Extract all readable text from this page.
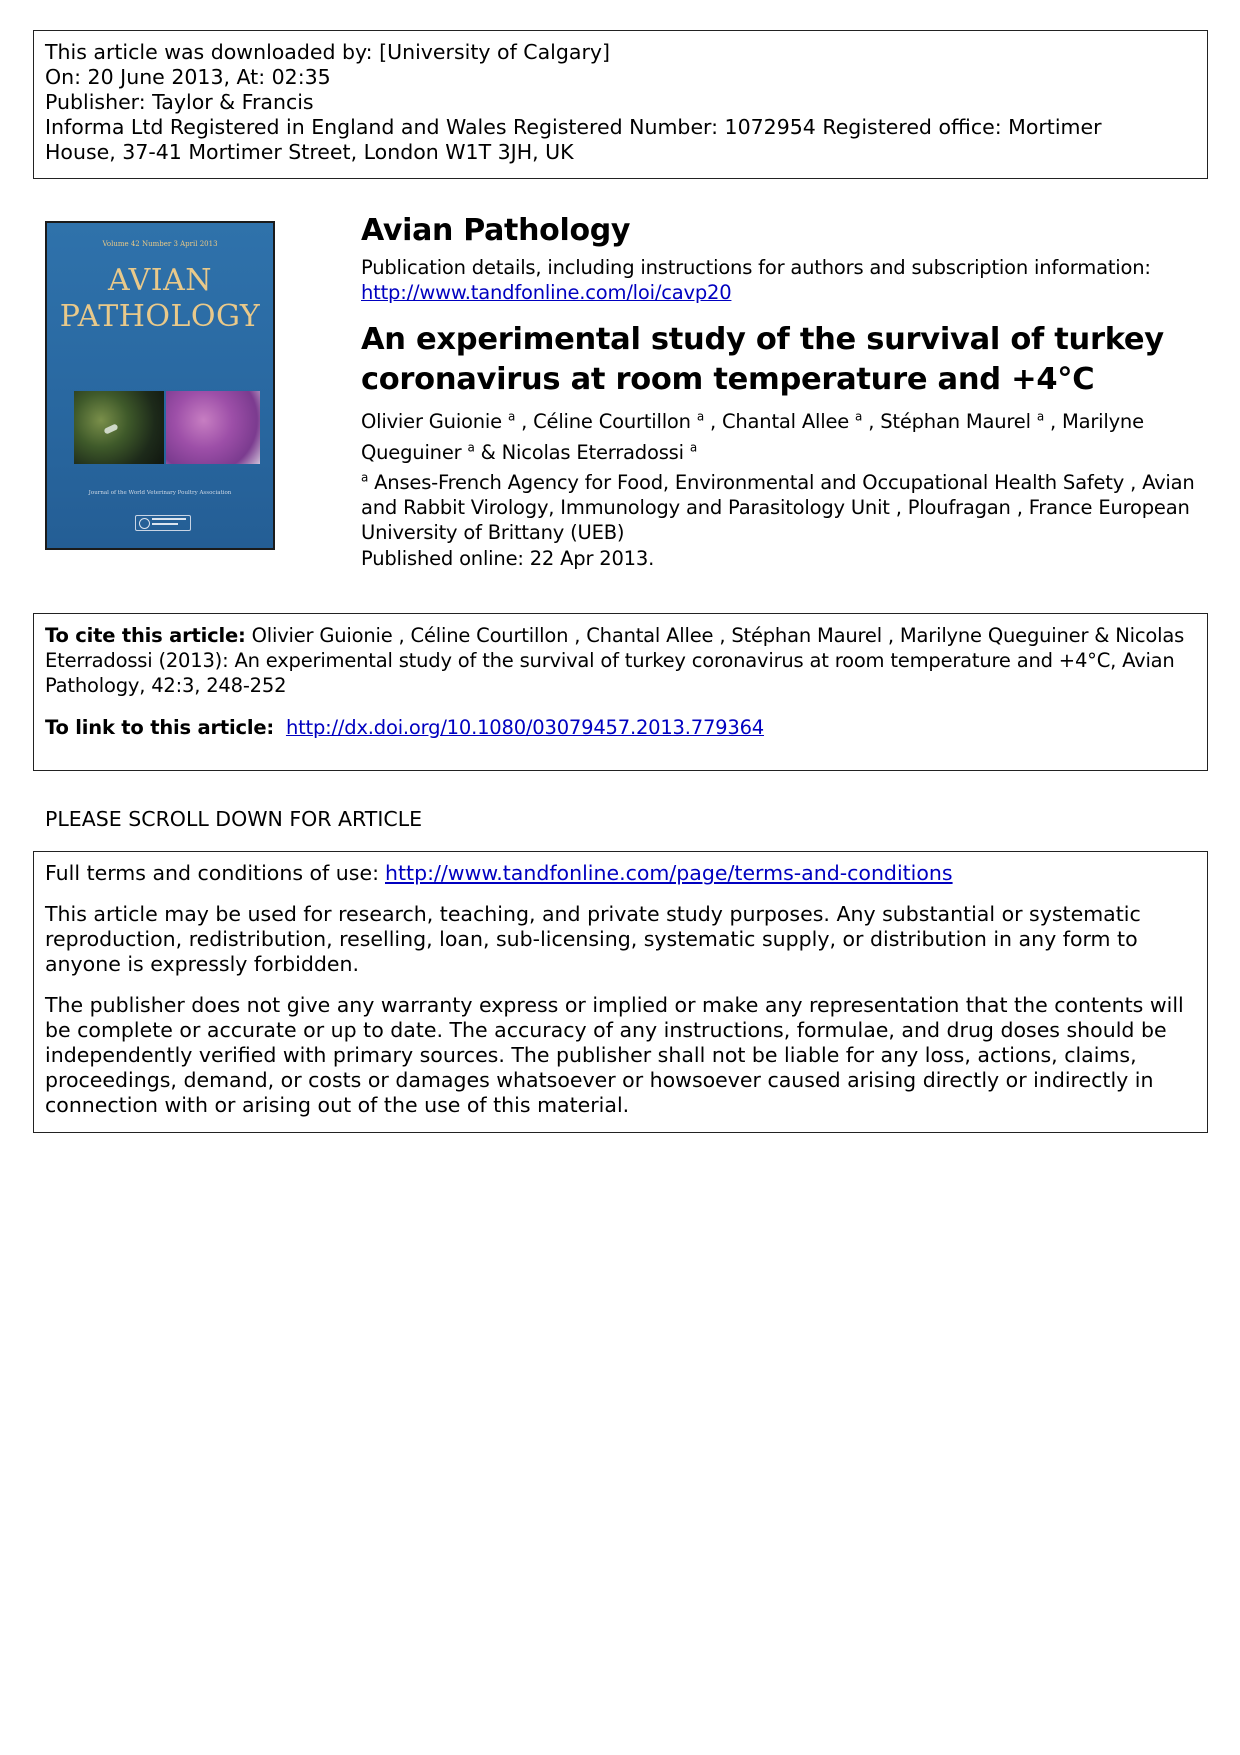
This article was downloaded by: [University of Calgary]
On: 20 June 2013, At: 02:35
Publisher: Taylor & Francis
Informa Ltd Registered in England and Wales Registered Number: 1072954 Registered office: Mortimer
House, 37-41 Mortimer Street, London W1T 3JH, UK
Volume 42 Number 3 April 2013
AVIAN
PATHOLOGY
Journal of the World Veterinary Poultry Association
Avian Pathology
Publication details, including instructions for authors and subscription information:
http://www.tandfonline.com/loi/cavp20
An experimental study of the survival of turkey
coronavirus at room temperature and +4°C
Olivier Guionie $^a$ , Céline Courtillon $^a$ , Chantal Allee $^a$ , Stéphan Maurel $^a$ , Marilyne
Queguiner $^a$ & Nicolas Eterradossi $^a$
$^a$ Anses-French Agency for Food, Environmental and Occupational Health Safety , Avian and Rabbit Virology, Immunology and Parasitology Unit , Ploufragan , France European University of Brittany (UEB)
Published online: 22 Apr 2013.
To cite this article: Olivier Guionie , Céline Courtillon , Chantal Allee , Stéphan Maurel , Marilyne Queguiner & Nicolas Eterradossi (2013): An experimental study of the survival of turkey coronavirus at room temperature and +4°C, Avian Pathology, 42:3, 248-252
To link to this article: http://dx.doi.org/10.1080/03079457.2013.779364
PLEASE SCROLL DOWN FOR ARTICLE
Full terms and conditions of use: http://www.tandfonline.com/page/terms-and-conditions

This article may be used for research, teaching, and private study purposes. Any substantial or systematic reproduction, redistribution, reselling, loan, sub-licensing, systematic supply, or distribution in any form to anyone is expressly forbidden.

The publisher does not give any warranty express or implied or make any representation that the contents will be complete or accurate or up to date. The accuracy of any instructions, formulae, and drug doses should be independently verified with primary sources. The publisher shall not be liable for any loss, actions, claims, proceedings, demand, or costs or damages whatsoever or howsoever caused arising directly or indirectly in connection with or arising out of the use of this material.
